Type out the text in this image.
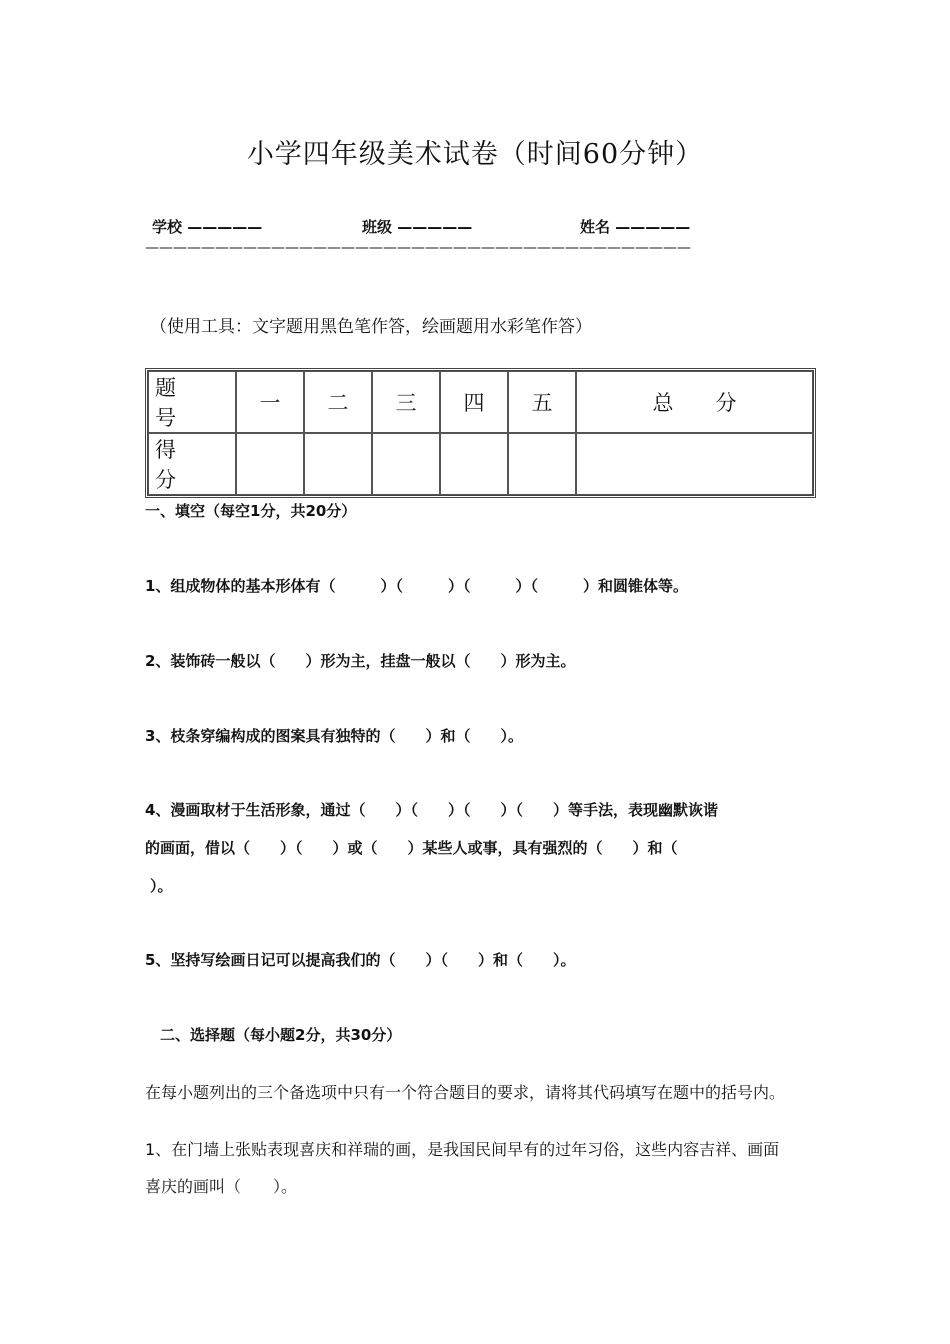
小学四年级美术试卷（时间60分钟）
学校 —————	班级 —————	姓名 —————
———————————————————————————————————————
（使用工具：文字题用黑色笔作答，绘画题用水彩笔作答）
题　　号	一	二	三	四	五	总　　分
得　　分						
一、填空（每空1分，共20分）
1、组成物体的基本形体有（　　　）（　　　）（　　　）（　　　）和圆锥体等。
2、装饰砖一般以（　　）形为主，挂盘一般以（　　）形为主。
3、枝条穿编构成的图案具有独特的（　　）和（　　）。
4、漫画取材于生活形象，通过（　　）（　　）（　　）（　　）等手法，表现幽默诙谐
的画面，借以（　　）（　　）或（　　）某些人或事，具有强烈的（　　）和（
）。
5、坚持写绘画日记可以提高我们的（　　）（　　）和（　　）。
二、选择题（每小题2分，共30分）
在每小题列出的三个备选项中只有一个符合题目的要求，请将其代码填写在题中的括号内。
1、在门墙上张贴表现喜庆和祥瑞的画，是我国民间早有的过年习俗，这些内容吉祥、画面
喜庆的画叫（　　）。
